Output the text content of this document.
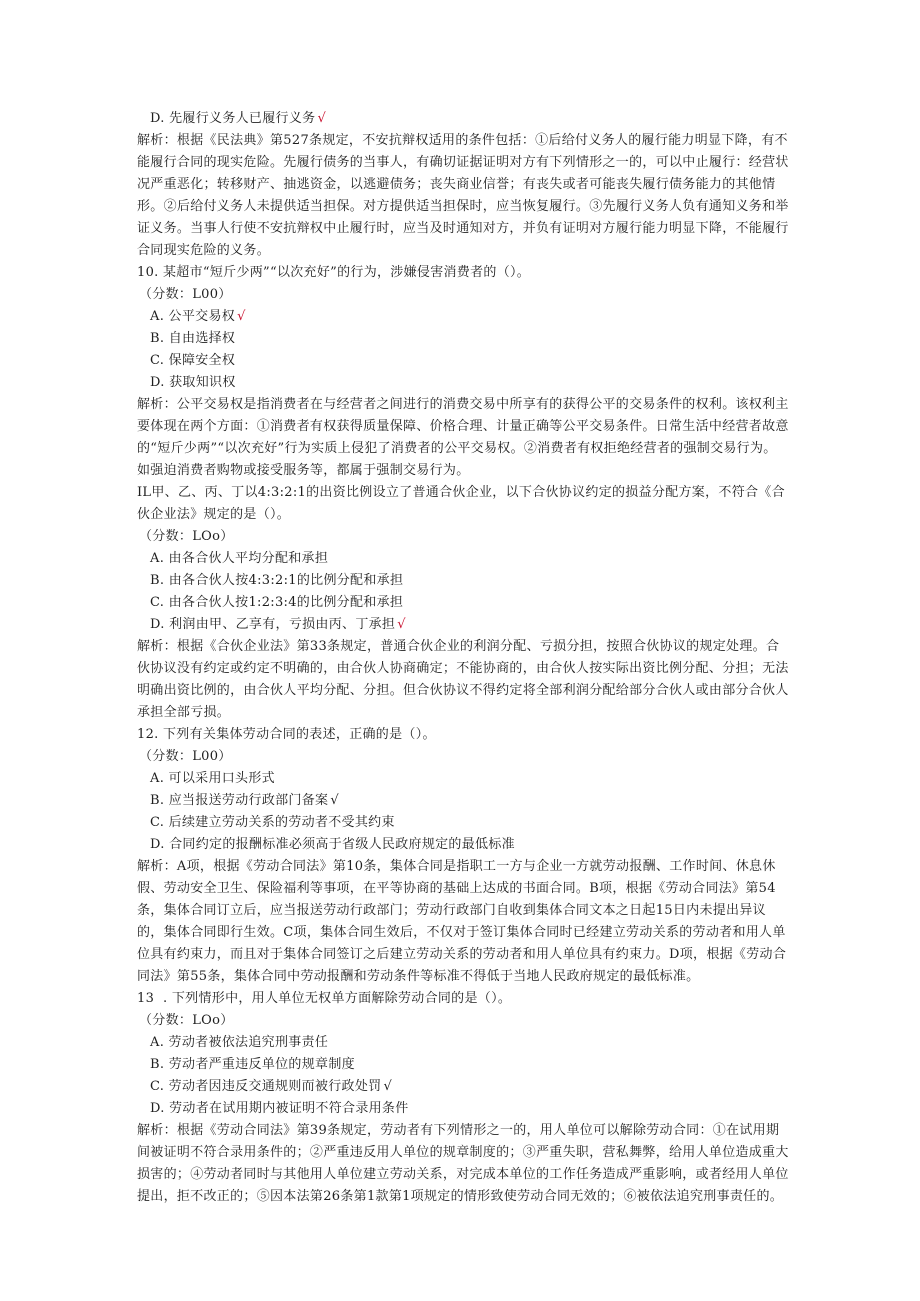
D. 先履行义务人已履行义务 √
解析：根据《民法典》第527条规定，不安抗辩权适用的条件包括：①后给付义务人的履行能力明显下降，有不
能履行合同的现实危险。先履行债务的当事人，有确切证据证明对方有下列情形之一的，可以中止履行：经营状
况严重恶化；转移财产、抽逃资金，以逃避债务；丧失商业信誉；有丧失或者可能丧失履行债务能力的其他情
形。②后给付义务人未提供适当担保。对方提供适当担保时，应当恢复履行。③先履行义务人负有通知义务和举
证义务。当事人行使不安抗辩权中止履行时，应当及时通知对方，并负有证明对方履行能力明显下降，不能履行
合同现实危险的义务。
10. 某超市“短斤少两”“以次充好”的行为，涉嫌侵害消费者的（）。
（分数：L00）
A. 公平交易权 √
B. 自由选择权
C. 保障安全权
D. 获取知识权
解析：公平交易权是指消费者在与经营者之间进行的消费交易中所享有的获得公平的交易条件的权利。该权利主
要体现在两个方面：①消费者有权获得质量保障、价格合理、计量正确等公平交易条件。日常生活中经营者故意
的“短斤少两”“以次充好”行为实质上侵犯了消费者的公平交易权。②消费者有权拒绝经营者的强制交易行为。
如强迫消费者购物或接受服务等，都属于强制交易行为。
IL甲、乙、丙、丁以4:3:2:1的出资比例设立了普通合伙企业，以下合伙协议约定的损益分配方案，不符合《合
伙企业法》规定的是（）。
（分数：LOo）
A. 由各合伙人平均分配和承担
B. 由各合伙人按4:3:2:1的比例分配和承担
C. 由各合伙人按1:2:3:4的比例分配和承担
D. 利润由甲、乙享有，亏损由丙、丁承担 √
解析：根据《合伙企业法》第33条规定，普通合伙企业的利润分配、亏损分担，按照合伙协议的规定处理。合
伙协议没有约定或约定不明确的，由合伙人协商确定；不能协商的，由合伙人按实际出资比例分配、分担；无法
明确出资比例的，由合伙人平均分配、分担。但合伙协议不得约定将全部利润分配给部分合伙人或由部分合伙人
承担全部亏损。
12. 下列有关集体劳动合同的表述，正确的是（）。
（分数：L00）
A. 可以采用口头形式
B. 应当报送劳动行政部门备案 √
C. 后续建立劳动关系的劳动者不受其约束
D. 合同约定的报酬标准必须高于省级人民政府规定的最低标准
解析：A项，根据《劳动合同法》第10条，集体合同是指职工一方与企业一方就劳动报酬、工作时间、休息休
假、劳动安全卫生、保险福利等事项，在平等协商的基础上达成的书面合同。B项，根据《劳动合同法》第54
条，集体合同订立后，应当报送劳动行政部门；劳动行政部门自收到集体合同文本之日起15日内未提出异议
的，集体合同即行生效。C项，集体合同生效后，不仅对于签订集体合同时已经建立劳动关系的劳动者和用人单
位具有约束力，而且对于集体合同签订之后建立劳动关系的劳动者和用人单位具有约束力。D项，根据《劳动合
同法》第55条，集体合同中劳动报酬和劳动条件等标准不得低于当地人民政府规定的最低标准。
13  . 下列情形中，用人单位无权单方面解除劳动合同的是（）。
（分数：LOo）
A. 劳动者被依法追究刑事责任
B. 劳动者严重违反单位的规章制度
C. 劳动者因违反交通规则而被行政处罚 √
D. 劳动者在试用期内被证明不符合录用条件
解析：根据《劳动合同法》第39条规定，劳动者有下列情形之一的，用人单位可以解除劳动合同：①在试用期
间被证明不符合录用条件的；②严重违反用人单位的规章制度的；③严重失职，营私舞弊，给用人单位造成重大
损害的；④劳动者同时与其他用人单位建立劳动关系，对完成本单位的工作任务造成严重影响，或者经用人单位
提出，拒不改正的；⑤因本法第26条第1款第1项规定的情形致使劳动合同无效的；⑥被依法追究刑事责任的。
